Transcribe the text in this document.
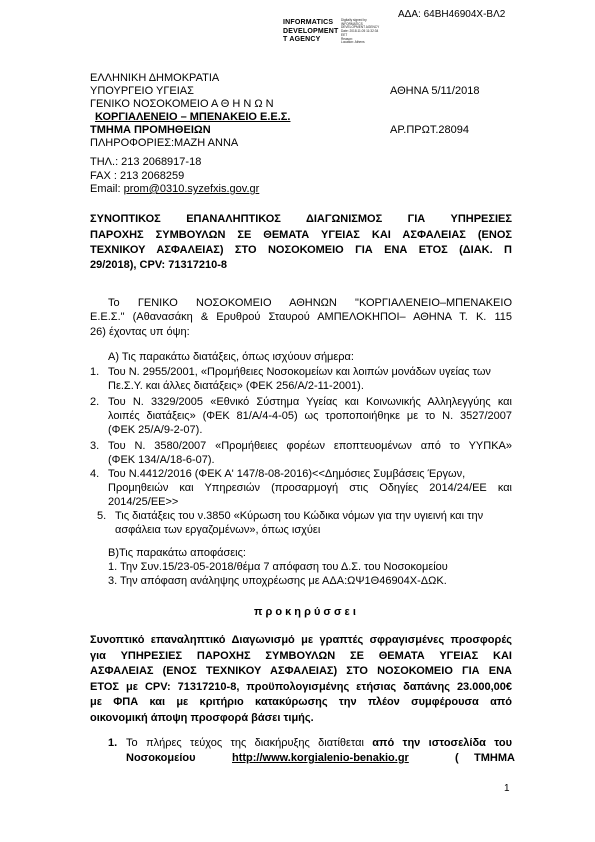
ΑΔΑ: 64ΒΗ46904Χ-ΒΛ2
INFORMATICS
DEVELOPMENT
T AGENCY
Digitally signed by
INFORMATICS
DEVELOPMENT AGENCY
Date: 2018.11.05 11:32:34
EET
Reason:
Location: Athens
ΕΛΛΗΝΙΚΗ ΔΗΜΟΚΡΑΤΙΑ
ΥΠΟΥΡΓΕΙΟ ΥΓΕΙΑΣ
ΓΕΝΙΚΟ ΝΟΣΟΚΟΜΕΙΟ Α Θ Η Ν Ω Ν
ΚΟΡΓΙΑΛΕΝΕΙΟ – ΜΠΕΝΑΚΕΙΟ Ε.Ε.Σ.
ΤΜΗΜΑ ΠΡΟΜΗΘΕΙΩΝ
ΠΛΗΡΟΦΟΡΙΕΣ:ΜΑΖΗ ΑΝΝΑ
ΤΗΛ.: 213 2068917-18
FAX : 213 2068259
Email: prom@0310.syzefxis.gov.gr
ΑΘΗΝΑ 5/11/2018
ΑΡ.ΠΡΩΤ.28094
ΣΥΝΟΠΤΙΚΟΣ ΕΠΑΝΑΛΗΠΤΙΚΟΣ ΔΙΑΓΩΝΙΣΜΟΣ ΓΙΑ ΥΠΗΡΕΣΙΕΣ
ΠΑΡΟΧΗΣ ΣΥΜΒΟΥΛΩΝ ΣΕ ΘΕΜΑΤΑ ΥΓΕΙΑΣ ΚΑΙ ΑΣΦΑΛΕΙΑΣ (ΕΝΟΣ
ΤΕΧΝΙΚΟΥ ΑΣΦΑΛΕΙΑΣ) ΣΤΟ ΝΟΣΟΚΟΜΕΙΟ ΓΙΑ ΕΝΑ ΕΤΟΣ (ΔΙΑΚ. Π
29/2018), CPV: 71317210-8
Το ΓΕΝΙΚΟ ΝΟΣΟΚΟΜΕΙΟ ΑΘΗΝΩΝ "ΚΟΡΓΙΑΛΕΝΕΙΟ–ΜΠΕΝΑΚΕΙΟ
Ε.Ε.Σ." (Αθανασάκη & Ερυθρού Σταυρού ΑΜΠΕΛΟΚΗΠΟΙ– ΑΘΗΝΑ Τ. Κ. 115
26) έχοντας υπ όψη:
Α) Τις παρακάτω διατάξεις, όπως ισχύουν σήμερα:
1. Του Ν. 2955/2001, «Προμήθειες Νοσοκομείων και λοιπών μονάδων υγείας των
Πε.Σ.Υ. και άλλες διατάξεις» (ΦΕΚ 256/Α/2-11-2001).
2. Του Ν. 3329/2005 «Εθνικό Σύστημα Υγείας και Κοινωνικής Αλληλεγγύης και
λοιπές διατάξεις» (ΦΕΚ 81/Α/4-4-05) ως τροποποιήθηκε με το Ν. 3527/2007
(ΦΕΚ 25/Α/9-2-07).
3. Του Ν. 3580/2007 «Προμήθειες φορέων εποπτευομένων από το ΥΥΠΚΑ»
(ΦΕΚ 134/Α/18-6-07).
4. Του Ν.4412/2016 (ΦΕΚ Α' 147/8-08-2016)<<Δημόσιες Συμβάσεις Έργων,
Προμηθειών και Υπηρεσιών (προσαρμογή στις Οδηγίες 2014/24/ΕΕ και
2014/25/ΕΕ>>
5. Τις διατάξεις του ν.3850 «Κύρωση του Κώδικα νόμων για την υγιεινή και την
ασφάλεια των εργαζομένων», όπως ισχύει
Β)Τις παρακάτω αποφάσεις:
1. Την Συν.15/23-05-2018/θέμα 7 απόφαση του Δ.Σ. του Νοσοκομείου
3. Την απόφαση ανάληψης υποχρέωσης με ΑΔΑ:ΩΨ1Θ46904Χ-ΔΩΚ.
π ρ ο κ η ρ ύ σ σ ε ι
Συνοπτικό επαναληπτικό Διαγωνισμό με γραπτές σφραγισμένες προσφορές
για ΥΠΗΡΕΣΙΕΣ ΠΑΡΟΧΗΣ ΣΥΜΒΟΥΛΩΝ ΣΕ ΘΕΜΑΤΑ ΥΓΕΙΑΣ ΚΑΙ
ΑΣΦΑΛΕΙΑΣ (ΕΝΟΣ ΤΕΧΝΙΚΟΥ ΑΣΦΑΛΕΙΑΣ) ΣΤΟ ΝΟΣΟΚΟΜΕΙΟ ΓΙΑ ΕΝΑ
ΕΤΟΣ με CPV: 71317210-8, προϋπολογισμένης ετήσιας δαπάνης 23.000,00€
με ΦΠΑ και με κριτήριο κατακύρωσης την πλέον συμφέρουσα από
οικονομική άποψη προσφορά βάσει τιμής.
1. Το πλήρες τεύχος της διακήρυξης διατίθεται από την ιστοσελίδα του
Νοσοκομείου	http://www.korgialenio-benakio.gr	( ΤΜΗΜΑ
1
